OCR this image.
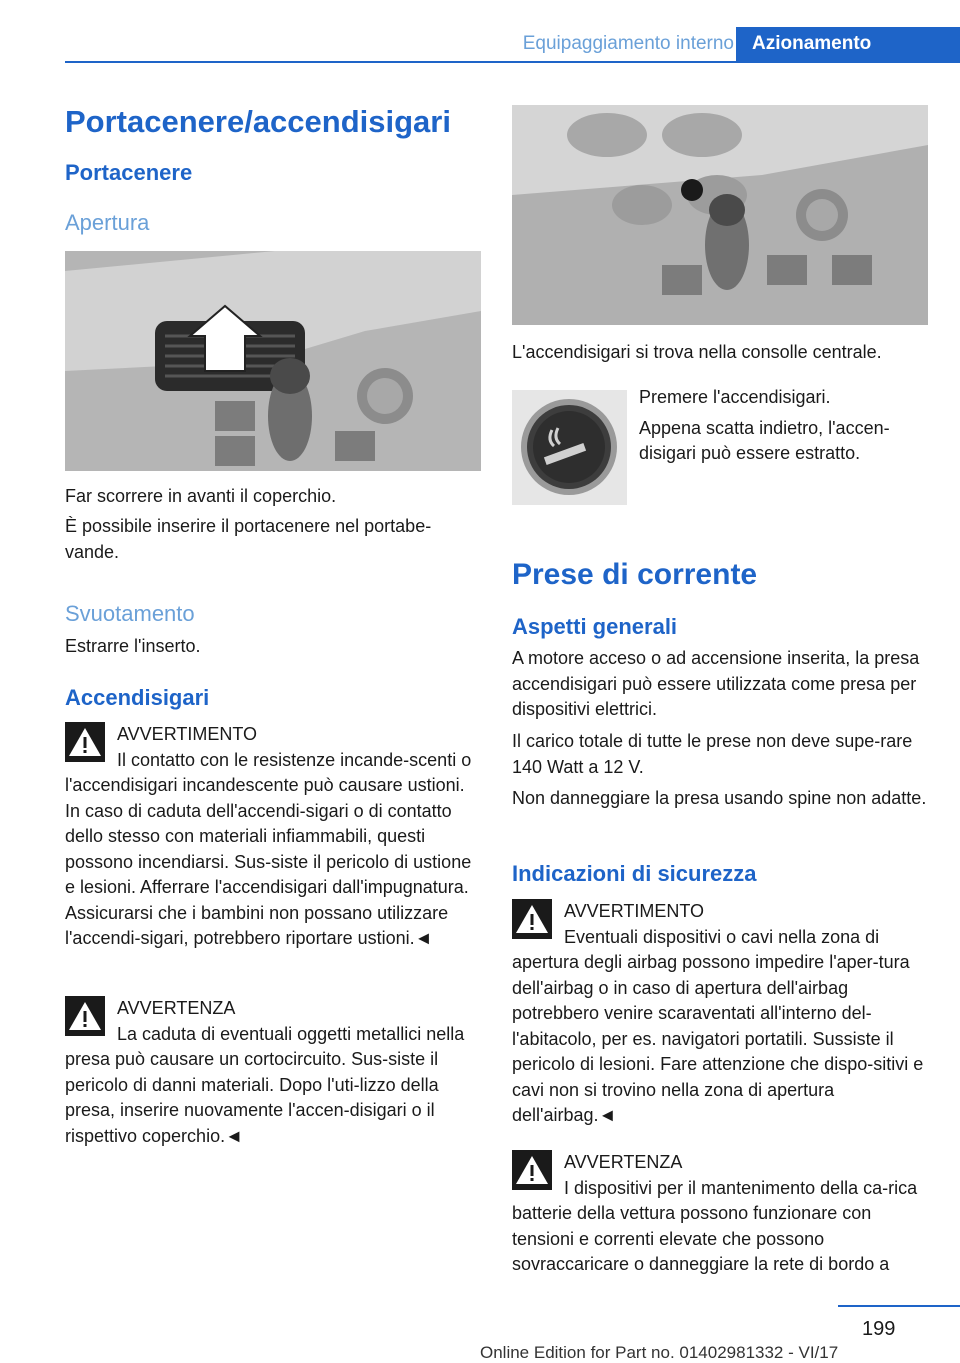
Equipaggiamento interno Azionamento
Portacenere/accendisigari
Portacenere
Apertura

Far scorrere in avanti il coperchio.

È possibile inserire il portacenere nel portabe-vande.

Svuotamento

Estrarre l'inserto.

Accendisigari
AVVERTIMENTO
Il contatto con le resistenze incande-scenti o l'accendisigari incandescente può causare ustioni. In caso di caduta dell'accendi-sigari o di contatto dello stesso con materiali infiammabili, questi possono incendiarsi. Sus-siste il pericolo di ustione e lesioni. Afferrare l'accendisigari dall'impugnatura. Assicurarsi che i bambini non possano utilizzare l'accendi-sigari, potrebbero riportare ustioni.◄
AVVERTENZA
La caduta di eventuali oggetti metallici nella presa può causare un cortocircuito. Sus-siste il pericolo di danni materiali. Dopo l'uti-lizzo della presa, inserire nuovamente l'accen-disigari o il rispettivo coperchio.◄

L'accendisigari si trova nella consolle centrale.

Premere l'accendisigari.

Appena scatta indietro, l'accen-disigari può essere estratto.

Prese di corrente
Aspetti generali

A motore acceso o ad accensione inserita, la presa accendisigari può essere utilizzata come presa per dispositivi elettrici.

Il carico totale di tutte le prese non deve supe-rare 140 Watt a 12 V.

Non danneggiare la presa usando spine non adatte.

Indicazioni di sicurezza
AVVERTIMENTO
Eventuali dispositivi o cavi nella zona di apertura degli airbag possono impedire l'aper-tura dell'airbag o in caso di apertura dell'airbag potrebbero venire scaraventati all'interno del-l'abitacolo, per es. navigatori portatili. Sussiste il pericolo di lesioni. Fare attenzione che dispo-sitivi e cavi non si trovino nella zona di apertura dell'airbag.◄
AVVERTENZA
I dispositivi per il mantenimento della ca-rica batterie della vettura possono funzionare con tensioni e correnti elevate che possono sovraccaricare o danneggiare la rete di bordo a
199
Online Edition for Part no. 01402981332 - VI/17
